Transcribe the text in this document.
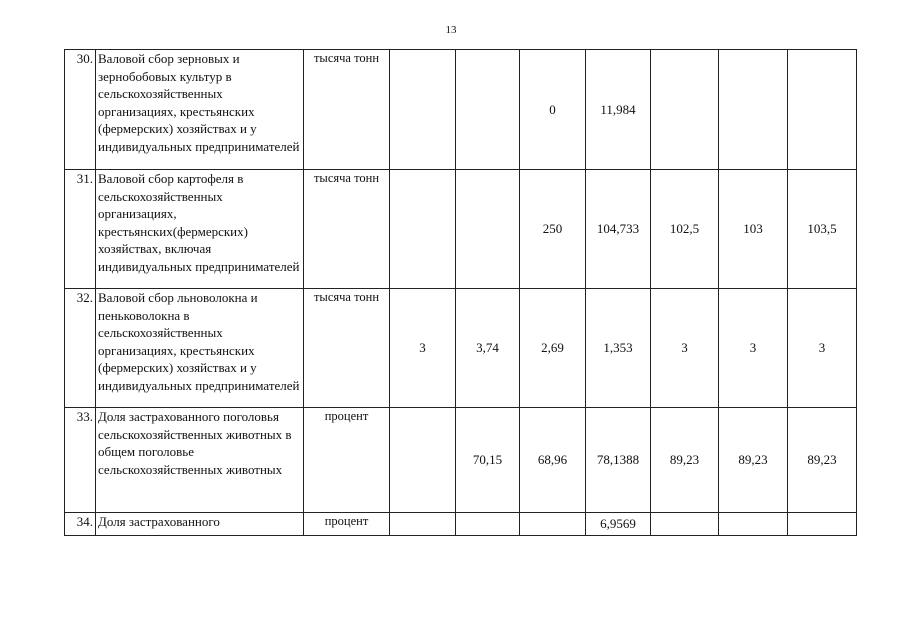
13
30.	Валовой сбор зерновых и зернобобовых культур в сельскохозяйственных организациях, крестьянских (фермерских) хозяйствах и у индивидуальных предпринимателей	тысяча тонн			0	11,984			
31.	Валовой сбор картофеля в сельскохозяйственных организациях, крестьянских(фермерских) хозяйствах, включая индивидуальных предпринимателей	тысяча тонн			250	104,733	102,5	103	103,5
32.	Валовой сбор льноволокна и пеньковолокна в сельскохозяйственных организациях, крестьянских (фермерских) хозяйствах и у индивидуальных предпринимателей	тысяча тонн	3	3,74	2,69	1,353	3	3	3
33.	Доля застрахованного поголовья сельскохозяйственных животных в общем поголовье сельскохозяйственных животных	процент		70,15	68,96	78,1388	89,23	89,23	89,23
34.	Доля застрахованного	процент				6,9569			
